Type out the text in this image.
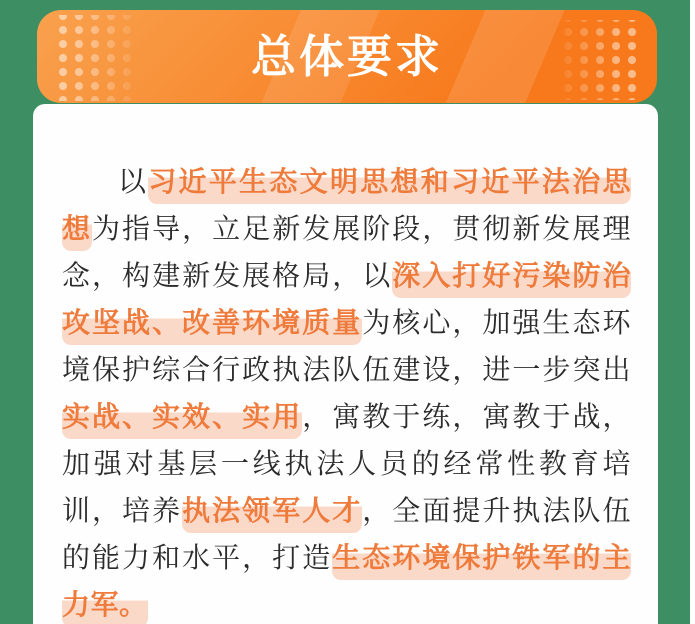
总体要求

以习近平生态文明思想和习近平法治思想为指导，立足新发展阶段，贯彻新发展理念，构建新发展格局，以深入打好污染防治攻坚战、改善环境质量为核心，加强生态环境保护综合行政执法队伍建设，进一步突出实战、实效、实用，寓教于练，寓教于战，加强对基层一线执法人员的经常性教育培训，培养执法领军人才，全面提升执法队伍的能力和水平，打造生态环境保护铁军的主力军。
